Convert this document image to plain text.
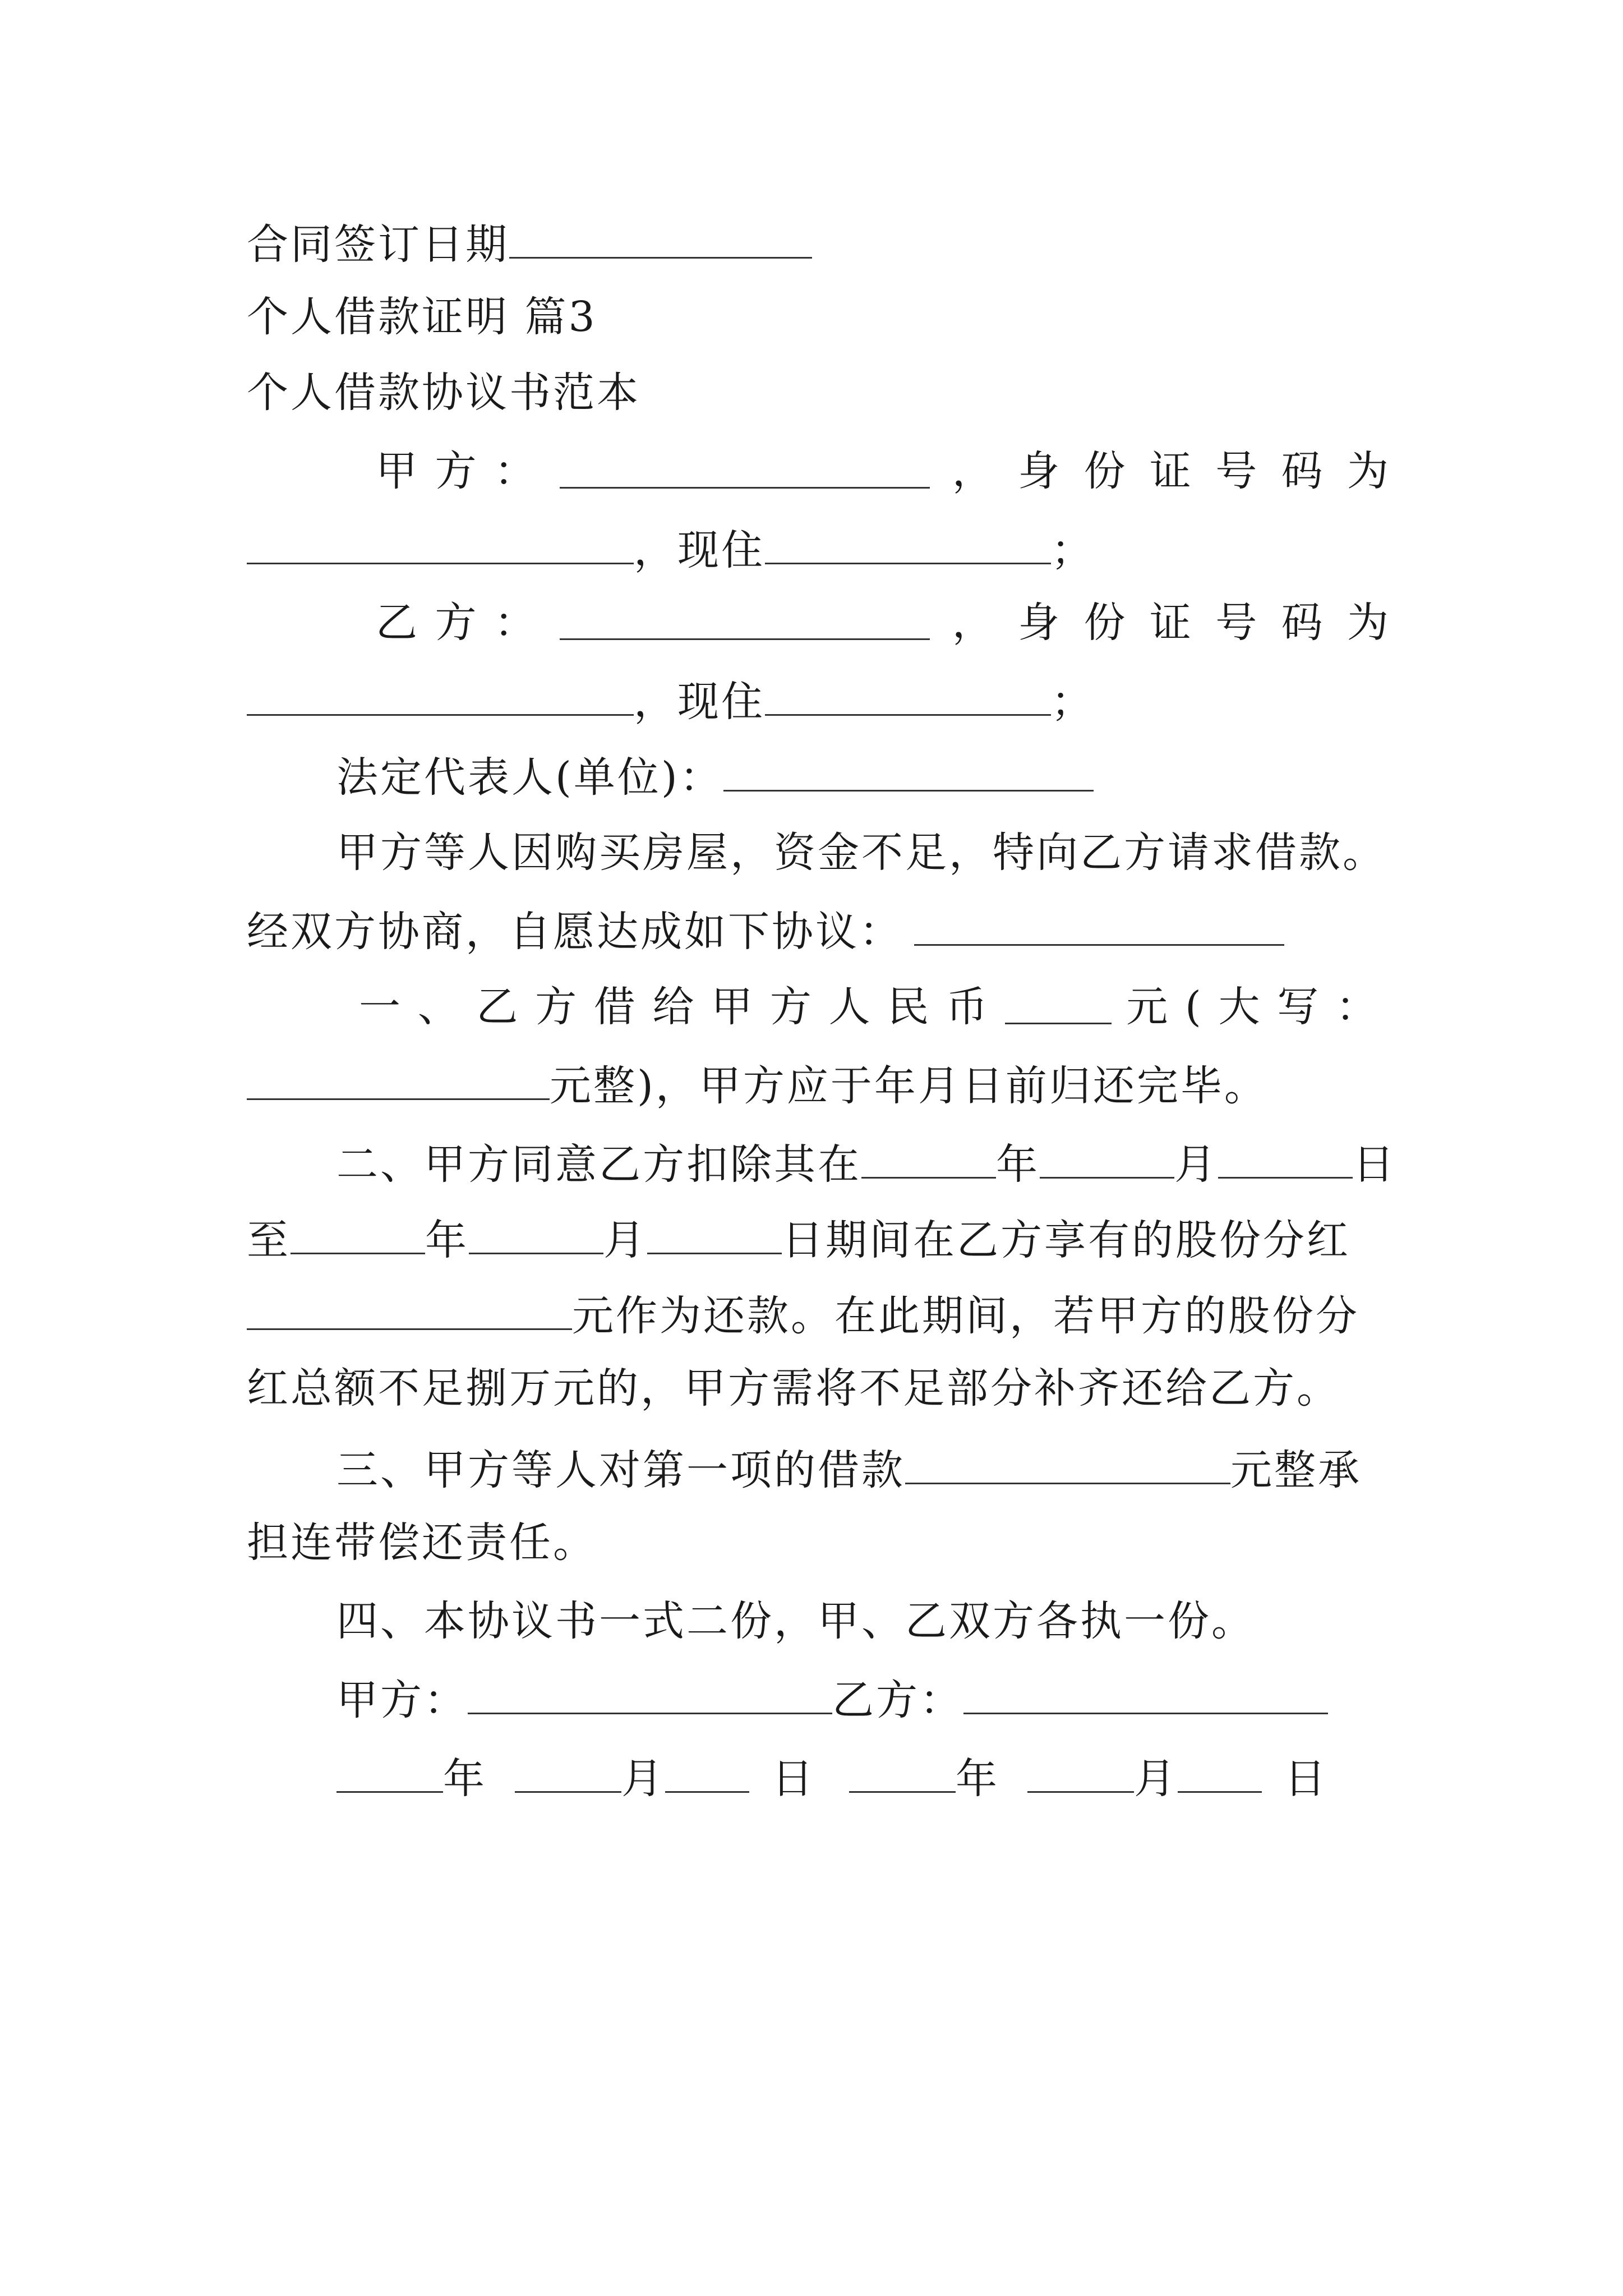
合同签订日期
个人借款证明 篇3
个人借款协议书范本
甲 方 ：	， 身 份 证 号 码 为
，现住	；
乙 方 ：	， 身 份 证 号 码 为
，现住	；
法定代表人(单位)：
甲方等人因购买房屋，资金不足，特向乙方请求借款。
经双方协商，自愿达成如下协议：
一 、 乙 方 借 给 甲 方 人 民 币	元 ( 大 写 ：
元整)，甲方应于年月日前归还完毕。
二、甲方同意乙方扣除其在	年	月	日
至	年	月	日期间在乙方享有的股份分红
元作为还款。在此期间，若甲方的股份分
红总额不足捌万元的，甲方需将不足部分补齐还给乙方。
三、甲方等人对第一项的借款	元整承
担连带偿还责任。
四、本协议书一式二份，甲、乙双方各执一份。
甲方：	乙方：
年	月	日	年	月	日
